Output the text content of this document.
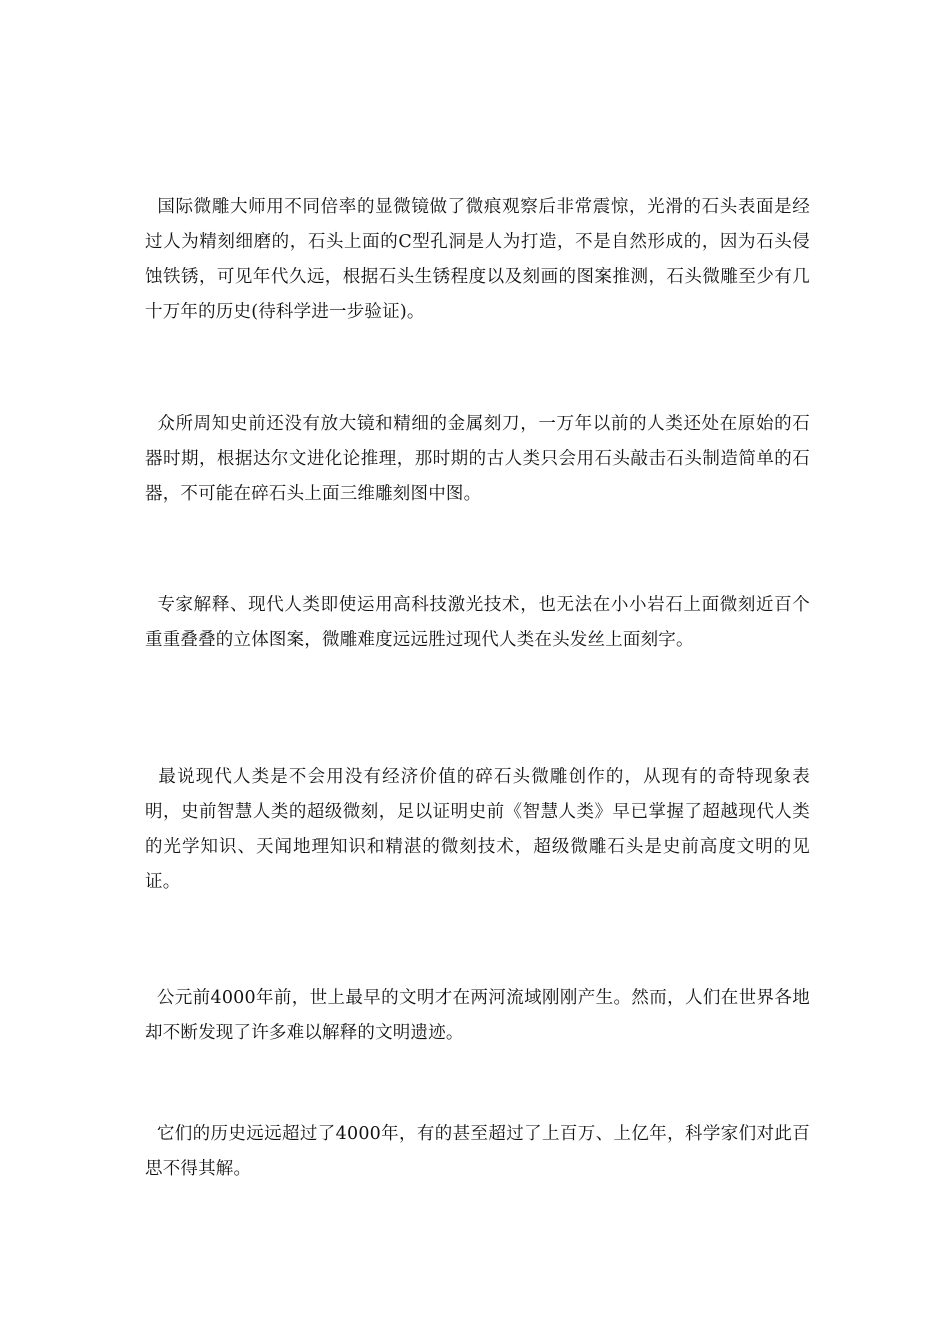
国际微雕大师用不同倍率的显微镜做了微痕观察后非常震惊，光滑的石头表面是经过人为精刻细磨的，石头上面的C型孔洞是人为打造，不是自然形成的，因为石头侵蚀铁锈，可见年代久远，根据石头生锈程度以及刻画的图案推测，石头微雕至少有几十万年的历史(待科学进一步验证)。

众所周知史前还没有放大镜和精细的金属刻刀，一万年以前的人类还处在原始的石器时期，根据达尔文进化论推理，那时期的古人类只会用石头敲击石头制造简单的石器，不可能在碎石头上面三维雕刻图中图。

专家解释、现代人类即使运用高科技激光技术，也无法在小小岩石上面微刻近百个重重叠叠的立体图案，微雕难度远远胜过现代人类在头发丝上面刻字。

最说现代人类是不会用没有经济价值的碎石头微雕创作的，从现有的奇特现象表明，史前智慧人类的超级微刻，足以证明史前《智慧人类》早已掌握了超越现代人类的光学知识、天闻地理知识和精湛的微刻技术，超级微雕石头是史前高度文明的见证。

公元前4000年前，世上最早的文明才在两河流域刚刚产生。然而，人们在世界各地却不断发现了许多难以解释的文明遗迹。

它们的历史远远超过了4000年，有的甚至超过了上百万、上亿年，科学家们对此百思不得其解。
